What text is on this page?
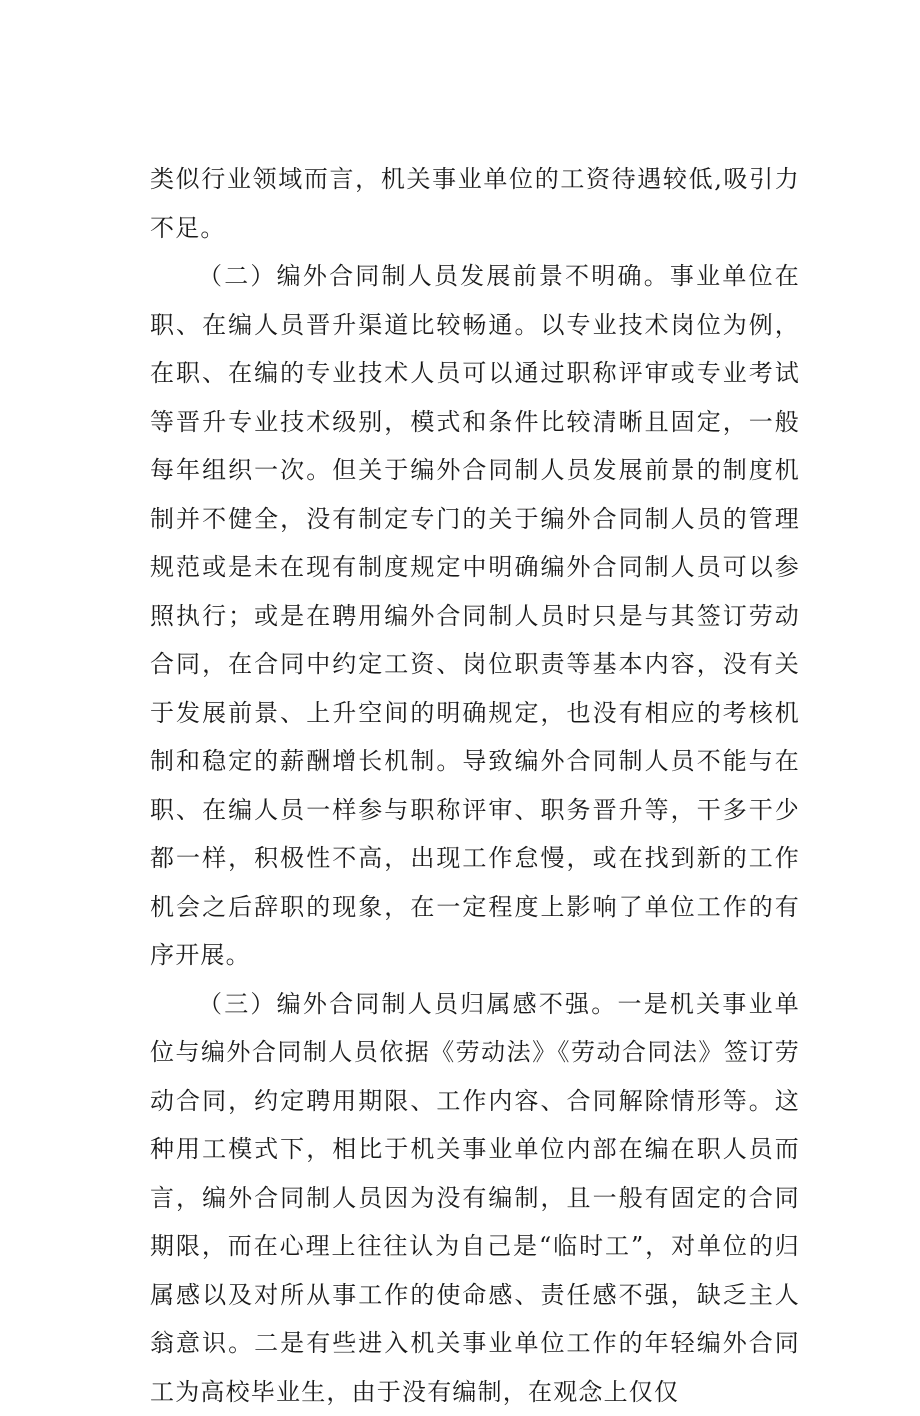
类似行业领域而言，机关事业单位的工资待遇较低,吸引力不足。

（二）编外合同制人员发展前景不明确。事业单位在职、在编人员晋升渠道比较畅通。以专业技术岗位为例，在职、在编的专业技术人员可以通过职称评审或专业考试等晋升专业技术级别，模式和条件比较清晰且固定，一般每年组织一次。但关于编外合同制人员发展前景的制度机制并不健全，没有制定专门的关于编外合同制人员的管理规范或是未在现有制度规定中明确编外合同制人员可以参照执行；或是在聘用编外合同制人员时只是与其签订劳动合同，在合同中约定工资、岗位职责等基本内容，没有关于发展前景、上升空间的明确规定，也没有相应的考核机制和稳定的薪酬增长机制。导致编外合同制人员不能与在职、在编人员一样参与职称评审、职务晋升等，干多干少都一样，积极性不高，出现工作怠慢，或在找到新的工作机会之后辞职的现象，在一定程度上影响了单位工作的有序开展。

（三）编外合同制人员归属感不强。一是机关事业单位与编外合同制人员依据《劳动法》《劳动合同法》签订劳动合同，约定聘用期限、工作内容、合同解除情形等。这种用工模式下，相比于机关事业单位内部在编在职人员而言，编外合同制人员因为没有编制，且一般有固定的合同期限，而在心理上往往认为自己是“临时工”，对单位的归属感以及对所从事工作的使命感、责任感不强，缺乏主人翁意识。二是有些进入机关事业单位工作的年轻编外合同工为高校毕业生，由于没有编制，在观念上仅仅
